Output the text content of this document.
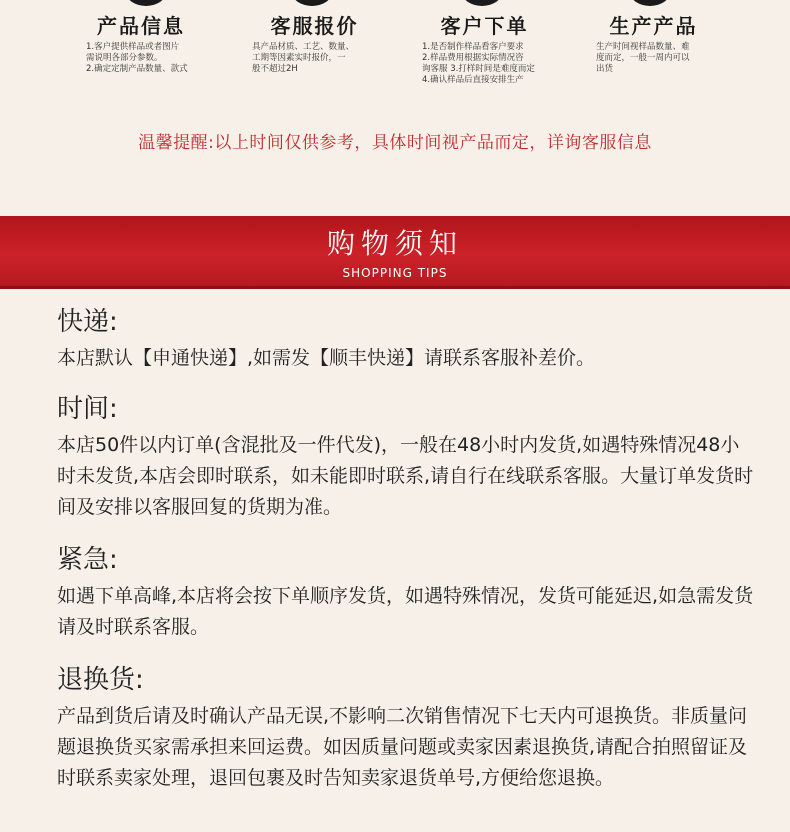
产品信息
1.客户提供样品或者图片
需说明各部分参数。
2.确定定制产品数量、款式
客服报价
具产品材质、工艺、数量、
工期等因素实时报价，一
般不超过2H
客户下单
1.是否制作样品看客户要求
2.样品费用根据实际情况咨
询客服 3.打样时间是难度而定
4.确认样品后直接安排生产
生产产品
生产时间视样品数量、难
度而定，一般一周内可以
出货
温馨提醒:以上时间仅供参考，具体时间视产品而定，详询客服信息
购物须知
SHOPPING TIPS
快递:
本店默认【申通快递】,如需发【顺丰快递】请联系客服补差价。
时间:
本店50件以内订单(含混批及一件代发)，一般在48小时内发货,如遇特殊情况48小时未发货,本店会即时联系，如未能即时联系,请自行在线联系客服。大量订单发货时间及安排以客服回复的货期为准。
紧急:
如遇下单高峰,本店将会按下单顺序发货，如遇特殊情况，发货可能延迟,如急需发货请及时联系客服。
退换货:
产品到货后请及时确认产品无误,不影响二次销售情况下七天内可退换货。非质量问题退换货买家需承担来回运费。如因质量问题或卖家因素退换货,请配合拍照留证及时联系卖家处理，退回包裹及时告知卖家退货单号,方便给您退换。
